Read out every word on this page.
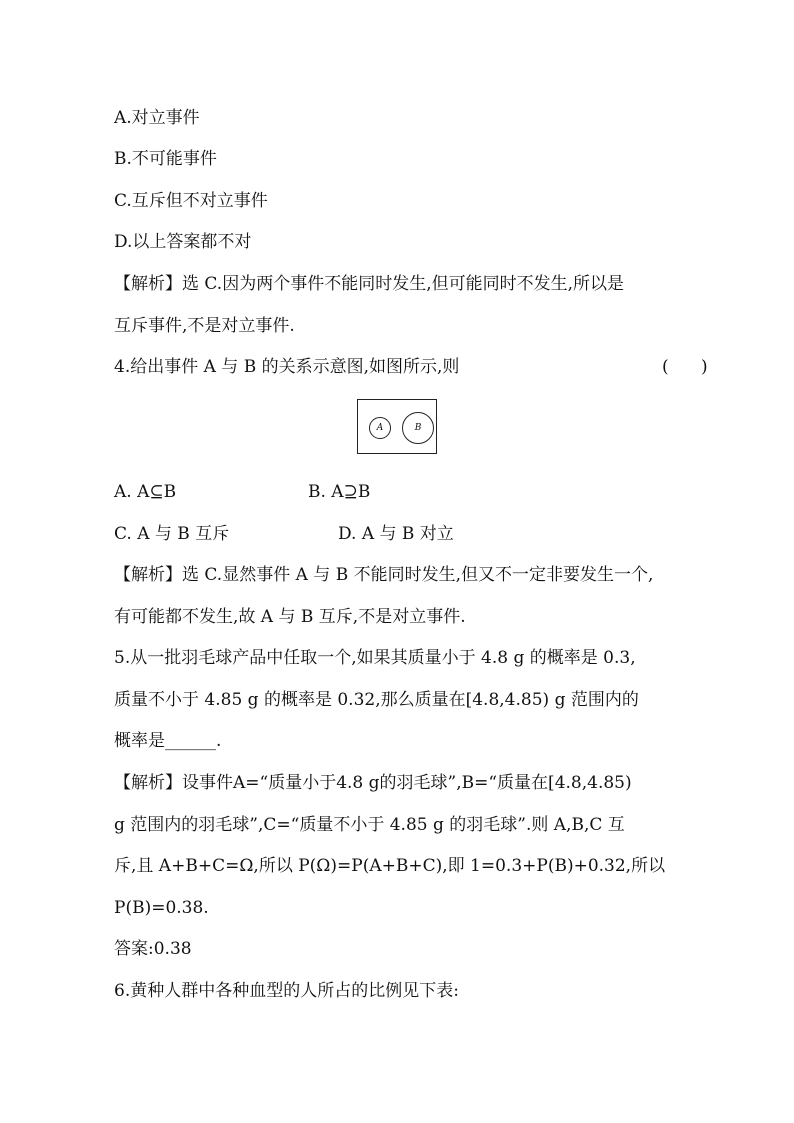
A.对立事件
B.不可能事件
C.互斥但不对立事件
D.以上答案都不对
【解析】选 C.因为两个事件不能同时发生,但可能同时不发生,所以是
互斥事件,不是对立事件.
4.给出事件 A 与 B 的关系示意图,如图所示,则	(      )
A	B
A. A⊆B	B. A⊇B
C. A 与 B 互斥	D. A 与 B 对立
【解析】选 C.显然事件 A 与 B 不能同时发生,但又不一定非要发生一个,
有可能都不发生,故 A 与 B 互斥,不是对立事件.
5.从一批羽毛球产品中任取一个,如果其质量小于 4.8 g 的概率是 0.3,
质量不小于 4.85 g 的概率是 0.32,那么质量在[4.8,4.85) g 范围内的
概率是______.
【解析】设事件A=“质量小于4.8 g的羽毛球”,B=“质量在[4.8,4.85)
g 范围内的羽毛球”,C=“质量不小于 4.85 g 的羽毛球”.则 A,B,C 互
斥,且 A+B+C=Ω,所以 P(Ω)=P(A+B+C),即 1=0.3+P(B)+0.32,所以
P(B)=0.38.
答案:0.38
6.黄种人群中各种血型的人所占的比例见下表:
